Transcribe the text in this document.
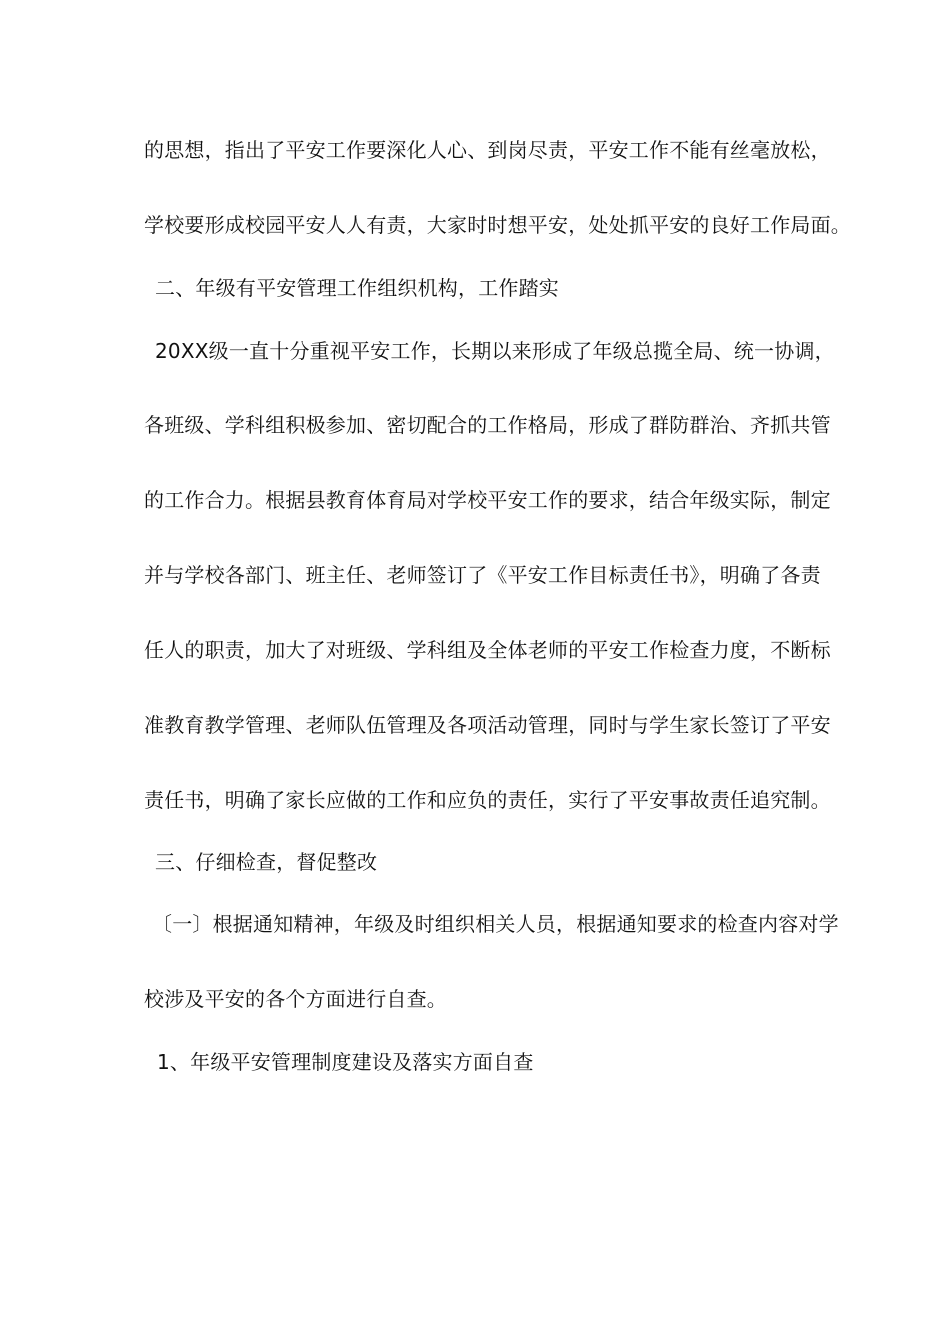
的思想，指出了平安工作要深化人心、到岗尽责，平安工作不能有丝毫放松，
学校要形成校园平安人人有责，大家时时想平安，处处抓平安的良好工作局面。
二、年级有平安管理工作组织机构，工作踏实
20XX级一直十分重视平安工作，长期以来形成了年级总揽全局、统一协调，
各班级、学科组积极参加、密切配合的工作格局，形成了群防群治、齐抓共管
的工作合力。根据县教育体育局对学校平安工作的要求，结合年级实际，制定
并与学校各部门、班主任、老师签订了《平安工作目标责任书》，明确了各责
任人的职责，加大了对班级、学科组及全体老师的平安工作检查力度，不断标
准教育教学管理、老师队伍管理及各项活动管理，同时与学生家长签订了平安
责任书，明确了家长应做的工作和应负的责任，实行了平安事故责任追究制。
三、仔细检查，督促整改
〔一〕根据通知精神，年级及时组织相关人员，根据通知要求的检查内容对学
校涉及平安的各个方面进行自查。
1、年级平安管理制度建设及落实方面自查
